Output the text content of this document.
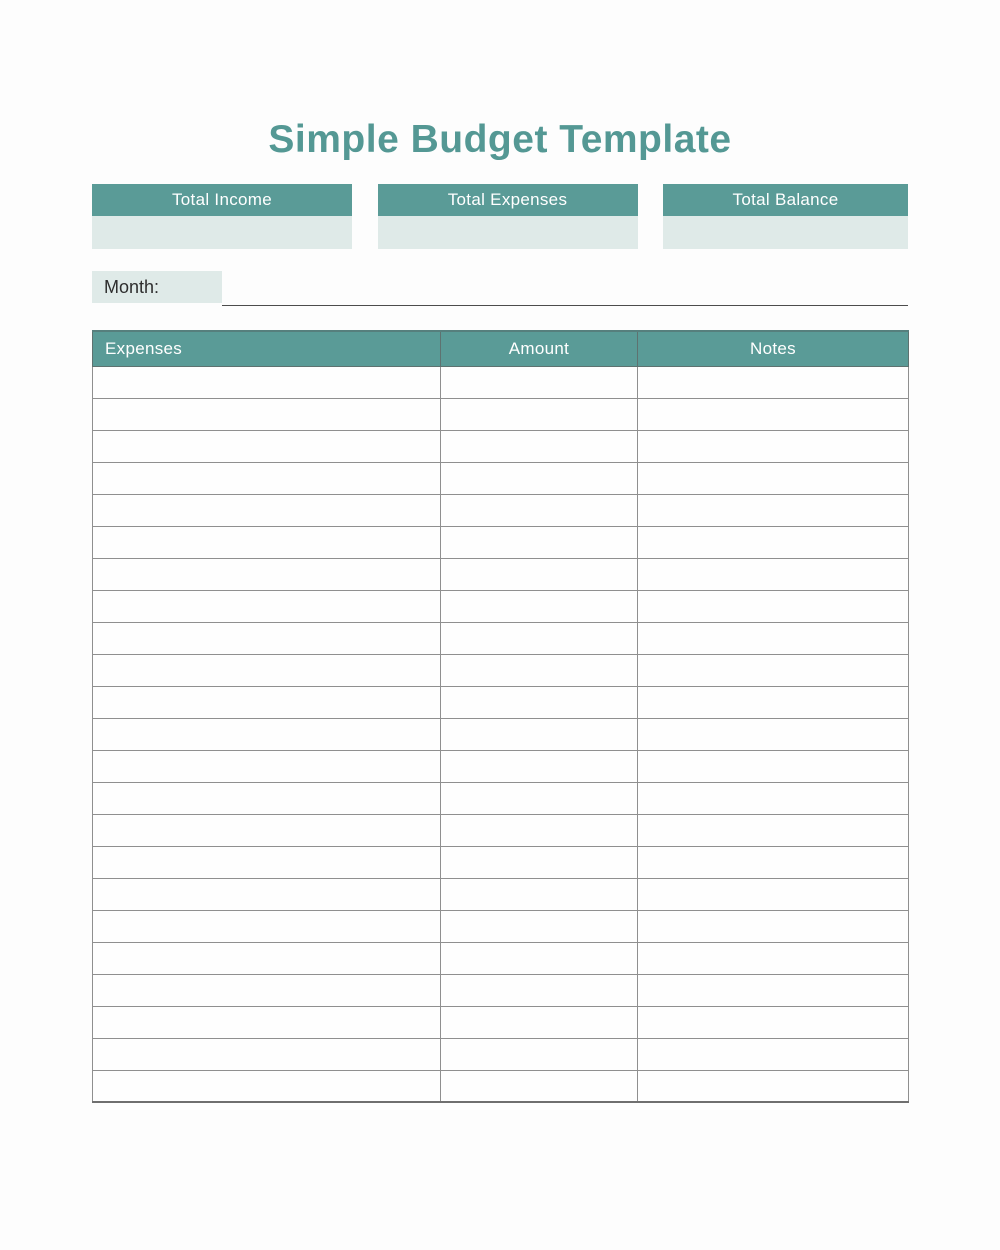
Simple Budget Template
Total Income	Total Expenses	Total Balance
Month:
Expenses	Amount	Notes
